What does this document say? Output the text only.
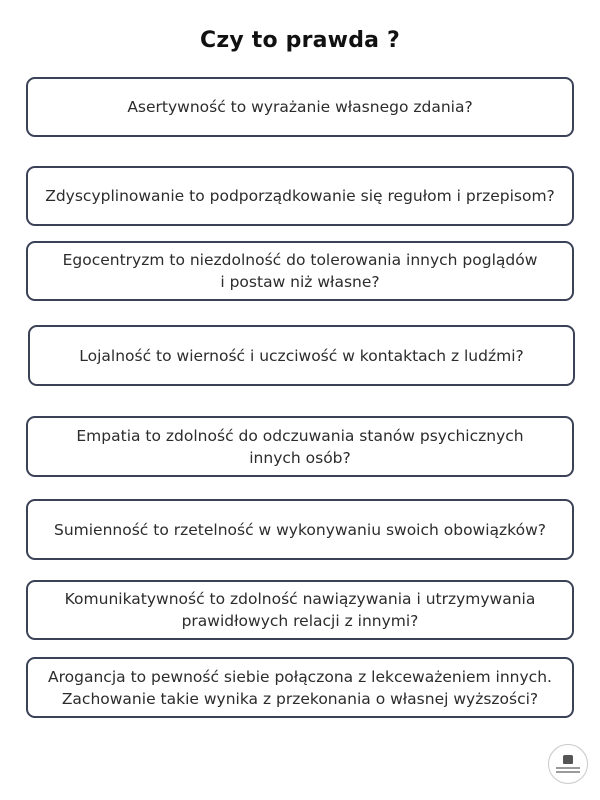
Czy to prawda ?
Asertywność to wyrażanie własnego zdania?
Zdyscyplinowanie to podporządkowanie się regułom i przepisom?
Egocentryzm to niezdolność do tolerowania innych poglądów
i postaw niż własne?
Lojalność to wierność i uczciwość w kontaktach z ludźmi?
Empatia to zdolność do odczuwania stanów psychicznych
innych osób?
Sumienność to rzetelność w wykonywaniu swoich obowiązków?
Komunikatywność to zdolność nawiązywania i utrzymywania
prawidłowych relacji z innymi?
Arogancja to pewność siebie połączona z lekceważeniem innych.
Zachowanie takie wynika z przekonania o własnej wyższości?
